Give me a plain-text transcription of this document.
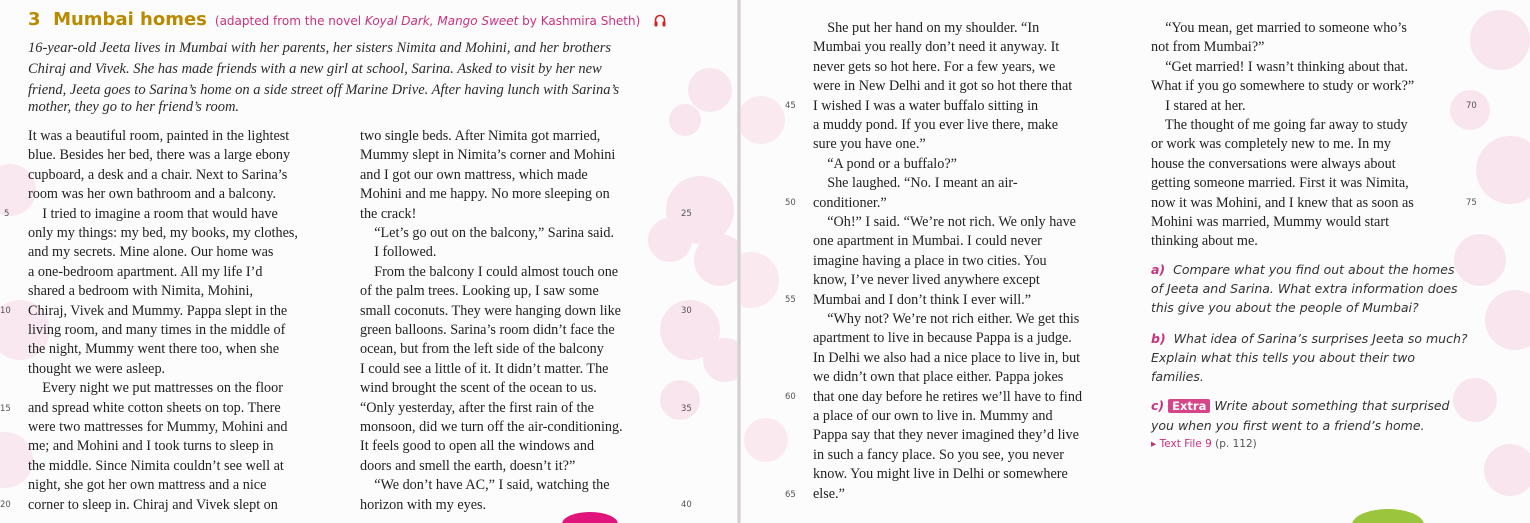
3 Mumbai homes (adapted from the novel Koyal Dark, Mango Sweet by Kashmira Sheth)
16-year-old Jeeta lives in Mumbai with her parents, her sisters Nimita and Mohini, and her brothers
Chiraj and Vivek. She has made friends with a new girl at school, Sarina. Asked to visit by her new
friend, Jeeta goes to Sarina’s home on a side street off Marine Drive. After having lunch with Sarina’s
mother, they go to her friend’s room.
It was a beautiful room, painted in the lightest
blue. Besides her bed, there was a large ebony
cupboard, a desk and a chair. Next to Sarina’s
room was her own bathroom and a balcony.
I tried to imagine a room that would have
only my things: my bed, my books, my clothes,
and my secrets. Mine alone. Our home was
a one-bedroom apartment. All my life I’d
shared a bedroom with Nimita, Mohini,
Chiraj, Vivek and Mummy. Pappa slept in the
living room, and many times in the middle of
the night, Mummy went there too, when she
thought we were asleep.
Every night we put mattresses on the floor
and spread white cotton sheets on top. There
were two mattresses for Mummy, Mohini and
me; and Mohini and I took turns to sleep in
the middle. Since Nimita couldn’t see well at
night, she got her own mattress and a nice
corner to sleep in. Chiraj and Vivek slept on
two single beds. After Nimita got married,
Mummy slept in Nimita’s corner and Mohini
and I got our own mattress, which made
Mohini and me happy. No more sleeping on
the crack!
“Let’s go out on the balcony,” Sarina said.
I followed.
From the balcony I could almost touch one
of the palm trees. Looking up, I saw some
small coconuts. They were hanging down like
green balloons. Sarina’s room didn’t face the
ocean, but from the left side of the balcony
I could see a little of it. It didn’t matter. The
wind brought the scent of the ocean to us.
“Only yesterday, after the first rain of the
monsoon, did we turn off the air-conditioning.
It feels good to open all the windows and
doors and smell the earth, doesn’t it?”
“We don’t have AC,” I said, watching the
horizon with my eyes.
5
10
15
20
25
30
35
40
She put her hand on my shoulder. “In
Mumbai you really don’t need it anyway. It
never gets so hot here. For a few years, we
were in New Delhi and it got so hot there that
I wished I was a water buffalo sitting in
a muddy pond. If you ever live there, make
sure you have one.”
“A pond or a buffalo?”
She laughed. “No. I meant an air-
conditioner.”
“Oh!” I said. “We’re not rich. We only have
one apartment in Mumbai. I could never
imagine having a place in two cities. You
know, I’ve never lived anywhere except
Mumbai and I don’t think I ever will.”
“Why not? We’re not rich either. We get this
apartment to live in because Pappa is a judge.
In Delhi we also had a nice place to live in, but
we didn’t own that place either. Pappa jokes
that one day before he retires we’ll have to find
a place of our own to live in. Mummy and
Pappa say that they never imagined they’d live
in such a fancy place. So you see, you never
know. You might live in Delhi or somewhere
else.”
“You mean, get married to someone who’s
not from Mumbai?”
“Get married! I wasn’t thinking about that.
What if you go somewhere to study or work?”
I stared at her.
The thought of me going far away to study
or work was completely new to me. In my
house the conversations were always about
getting someone married. First it was Nimita,
now it was Mohini, and I knew that as soon as
Mohini was married, Mummy would start
thinking about me.
45
50
55
60
65
70
75
a) Compare what you find out about the homes
of Jeeta and Sarina. What extra information does
this give you about the people of Mumbai?
b) What idea of Sarina’s surprises Jeeta so much?
Explain what this tells you about their two
families.
c) Extra Write about something that surprised
you when you first went to a friend’s home.
▸ Text File 9 (p. 112)
